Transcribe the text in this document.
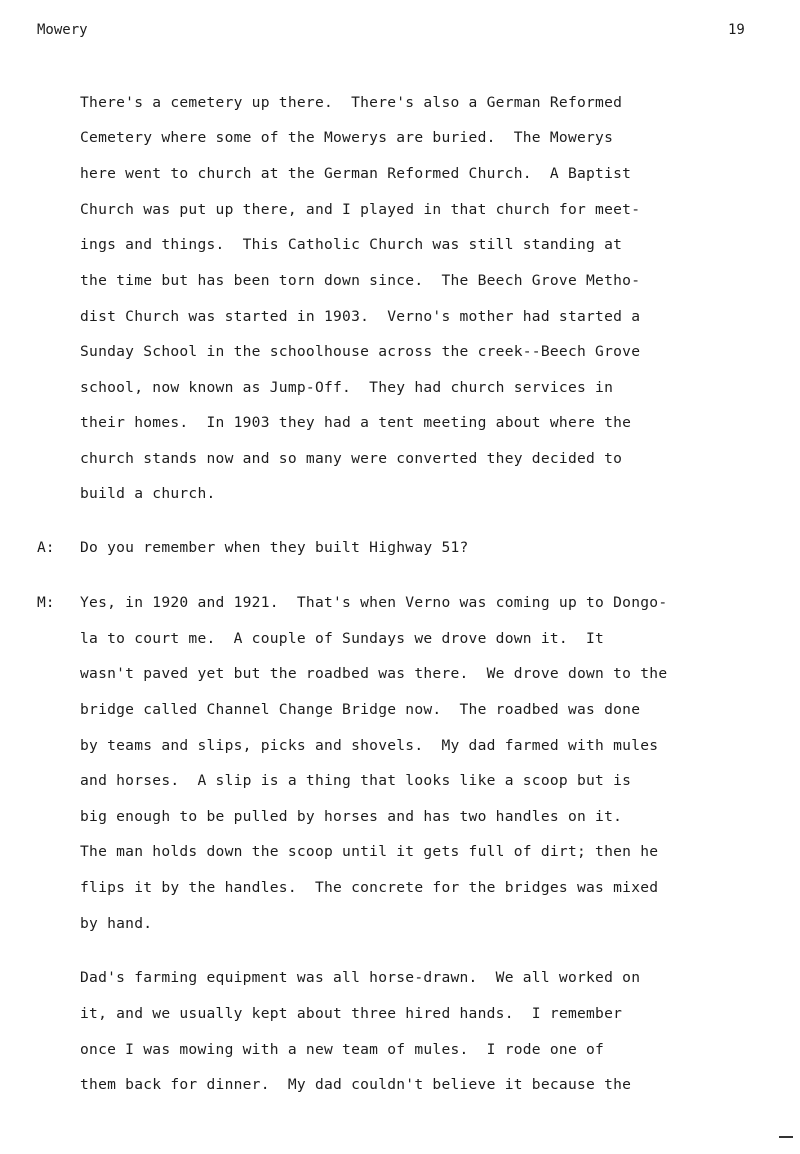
Mowery	19
There's a cemetery up there.  There's also a German Reformed
Cemetery where some of the Mowerys are buried.  The Mowerys
here went to church at the German Reformed Church.  A Baptist
Church was put up there, and I played in that church for meet-
ings and things.  This Catholic Church was still standing at
the time but has been torn down since.  The Beech Grove Metho-
dist Church was started in 1903.  Verno's mother had started a
Sunday School in the schoolhouse across the creek--Beech Grove
school, now known as Jump-Off.  They had church services in
their homes.  In 1903 they had a tent meeting about where the
church stands now and so many were converted they decided to
build a church.
A: Do you remember when they built Highway 51?
M: Yes, in 1920 and 1921.  That's when Verno was coming up to Dongo-
la to court me.  A couple of Sundays we drove down it.  It
wasn't paved yet but the roadbed was there.  We drove down to the
bridge called Channel Change Bridge now.  The roadbed was done
by teams and slips, picks and shovels.  My dad farmed with mules
and horses.  A slip is a thing that looks like a scoop but is
big enough to be pulled by horses and has two handles on it.
The man holds down the scoop until it gets full of dirt; then he
flips it by the handles.  The concrete for the bridges was mixed
by hand.
Dad's farming equipment was all horse-drawn.  We all worked on
it, and we usually kept about three hired hands.  I remember
once I was mowing with a new team of mules.  I rode one of
them back for dinner.  My dad couldn't believe it because the
